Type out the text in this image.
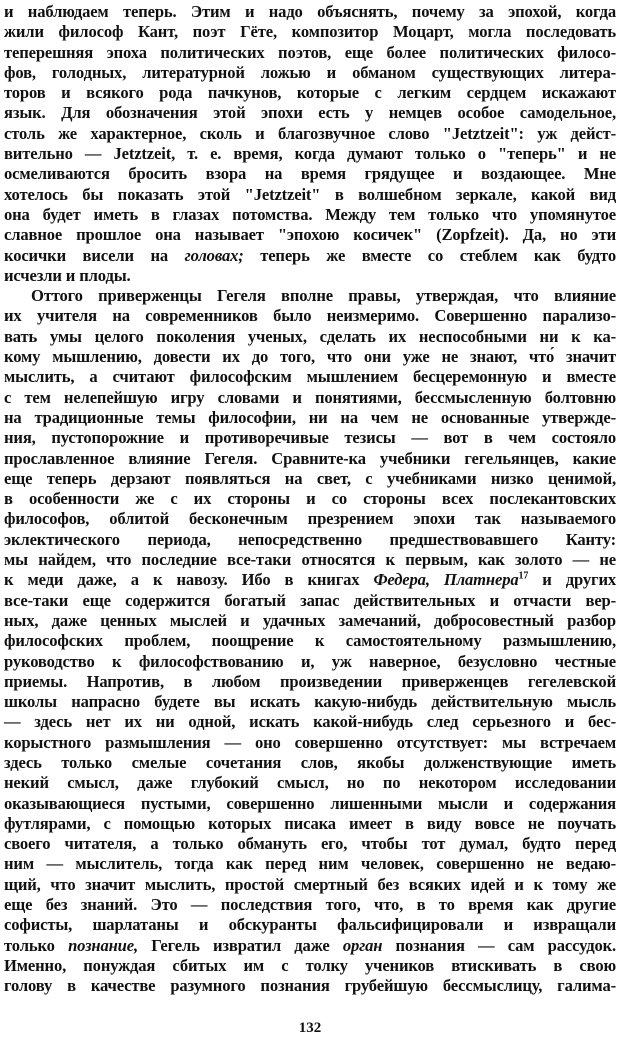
и наблюдаем теперь. Этим и надо объяснять, почему за эпохой, когда
жили философ Кант, поэт Гёте, композитор Моцарт, могла последовать
теперешняя эпоха политических поэтов, еще более политических филосо-
фов, голодных, литературной ложью и обманом существующих литера-
торов и всякого рода пачкунов, которые с легким сердцем искажают
язык. Для обозначения этой эпохи есть у немцев особое самодельное,
столь же характерное, сколь и благозвучное слово "Jetztzeit": уж дейст-
вительно — Jetztzeit, т. е. время, когда думают только о "теперь" и не
осмеливаются бросить взора на время грядущее и воздающее. Мне
хотелось бы показать этой "Jetztzeit" в волшебном зеркале, какой вид
она будет иметь в глазах потомства. Между тем только что упомянутое
славное прошлое она называет "эпохою косичек" (Zopfzeit). Да, но эти
косички висели на головах; теперь же вместе со стеблем как будто
исчезли и плоды.
Оттого приверженцы Гегеля вполне правы, утверждая, что влияние
их учителя на современников было неизмеримо. Совершенно парализо-
вать умы целого поколения ученых, сделать их неспособными ни к ка-
кому мышлению, довести их до того, что они уже не знают, что́ значит
мыслить, а считают философским мышлением бесцеремонную и вместе
с тем нелепейшую игру словами и понятиями, бессмысленную болтовню
на традиционные темы философии, ни на чем не основанные утвержде-
ния, пустопорожние и противоречивые тезисы — вот в чем состояло
прославленное влияние Гегеля. Сравните-ка учебники гегельянцев, какие
еще теперь дерзают появляться на свет, с учебниками низко ценимой,
в особенности же с их стороны и со стороны всех послекантовских
философов, облитой бесконечным презрением эпохи так называемого
эклектического периода, непосредственно предшествовавшего Канту:
мы найдем, что последние все-таки относятся к первым, как золото — не
к меди даже, а к навозу. Ибо в книгах Федера, Платнера$^{17}$ и других
все-таки еще содержится богатый запас действительных и отчасти вер-
ных, даже ценных мыслей и удачных замечаний, добросовестный разбор
философских проблем, поощрение к самостоятельному размышлению,
руководство к философствованию и, уж наверное, безусловно честные
приемы. Напротив, в любом произведении приверженцев гегелевской
школы напрасно будете вы искать какую-нибудь действительную мысль
— здесь нет их ни одной, искать какой-нибудь след серьезного и бес-
корыстного размышления — оно совершенно отсутствует: мы встречаем
здесь только смелые сочетания слов, якобы долженствующие иметь
некий смысл, даже глубокий смысл, но по некотором исследовании
оказывающиеся пустыми, совершенно лишенными мысли и содержания
футлярами, с помощью которых писака имеет в виду вовсе не поучать
своего читателя, а только обмануть его, чтобы тот думал, будто перед
ним — мыслитель, тогда как перед ним человек, совершенно не ведаю-
щий, что значит мыслить, простой смертный без всяких идей и к тому же
еще без знаний. Это — последствия того, что, в то время как другие
софисты, шарлатаны и обскуранты фальсифицировали и извращали
только познание, Гегель извратил даже орган познания — сам рассудок.
Именно, понуждая сбитых им с толку учеников втискивать в свою
голову в качестве разумного познания грубейшую бессмыслицу, галима-
132
